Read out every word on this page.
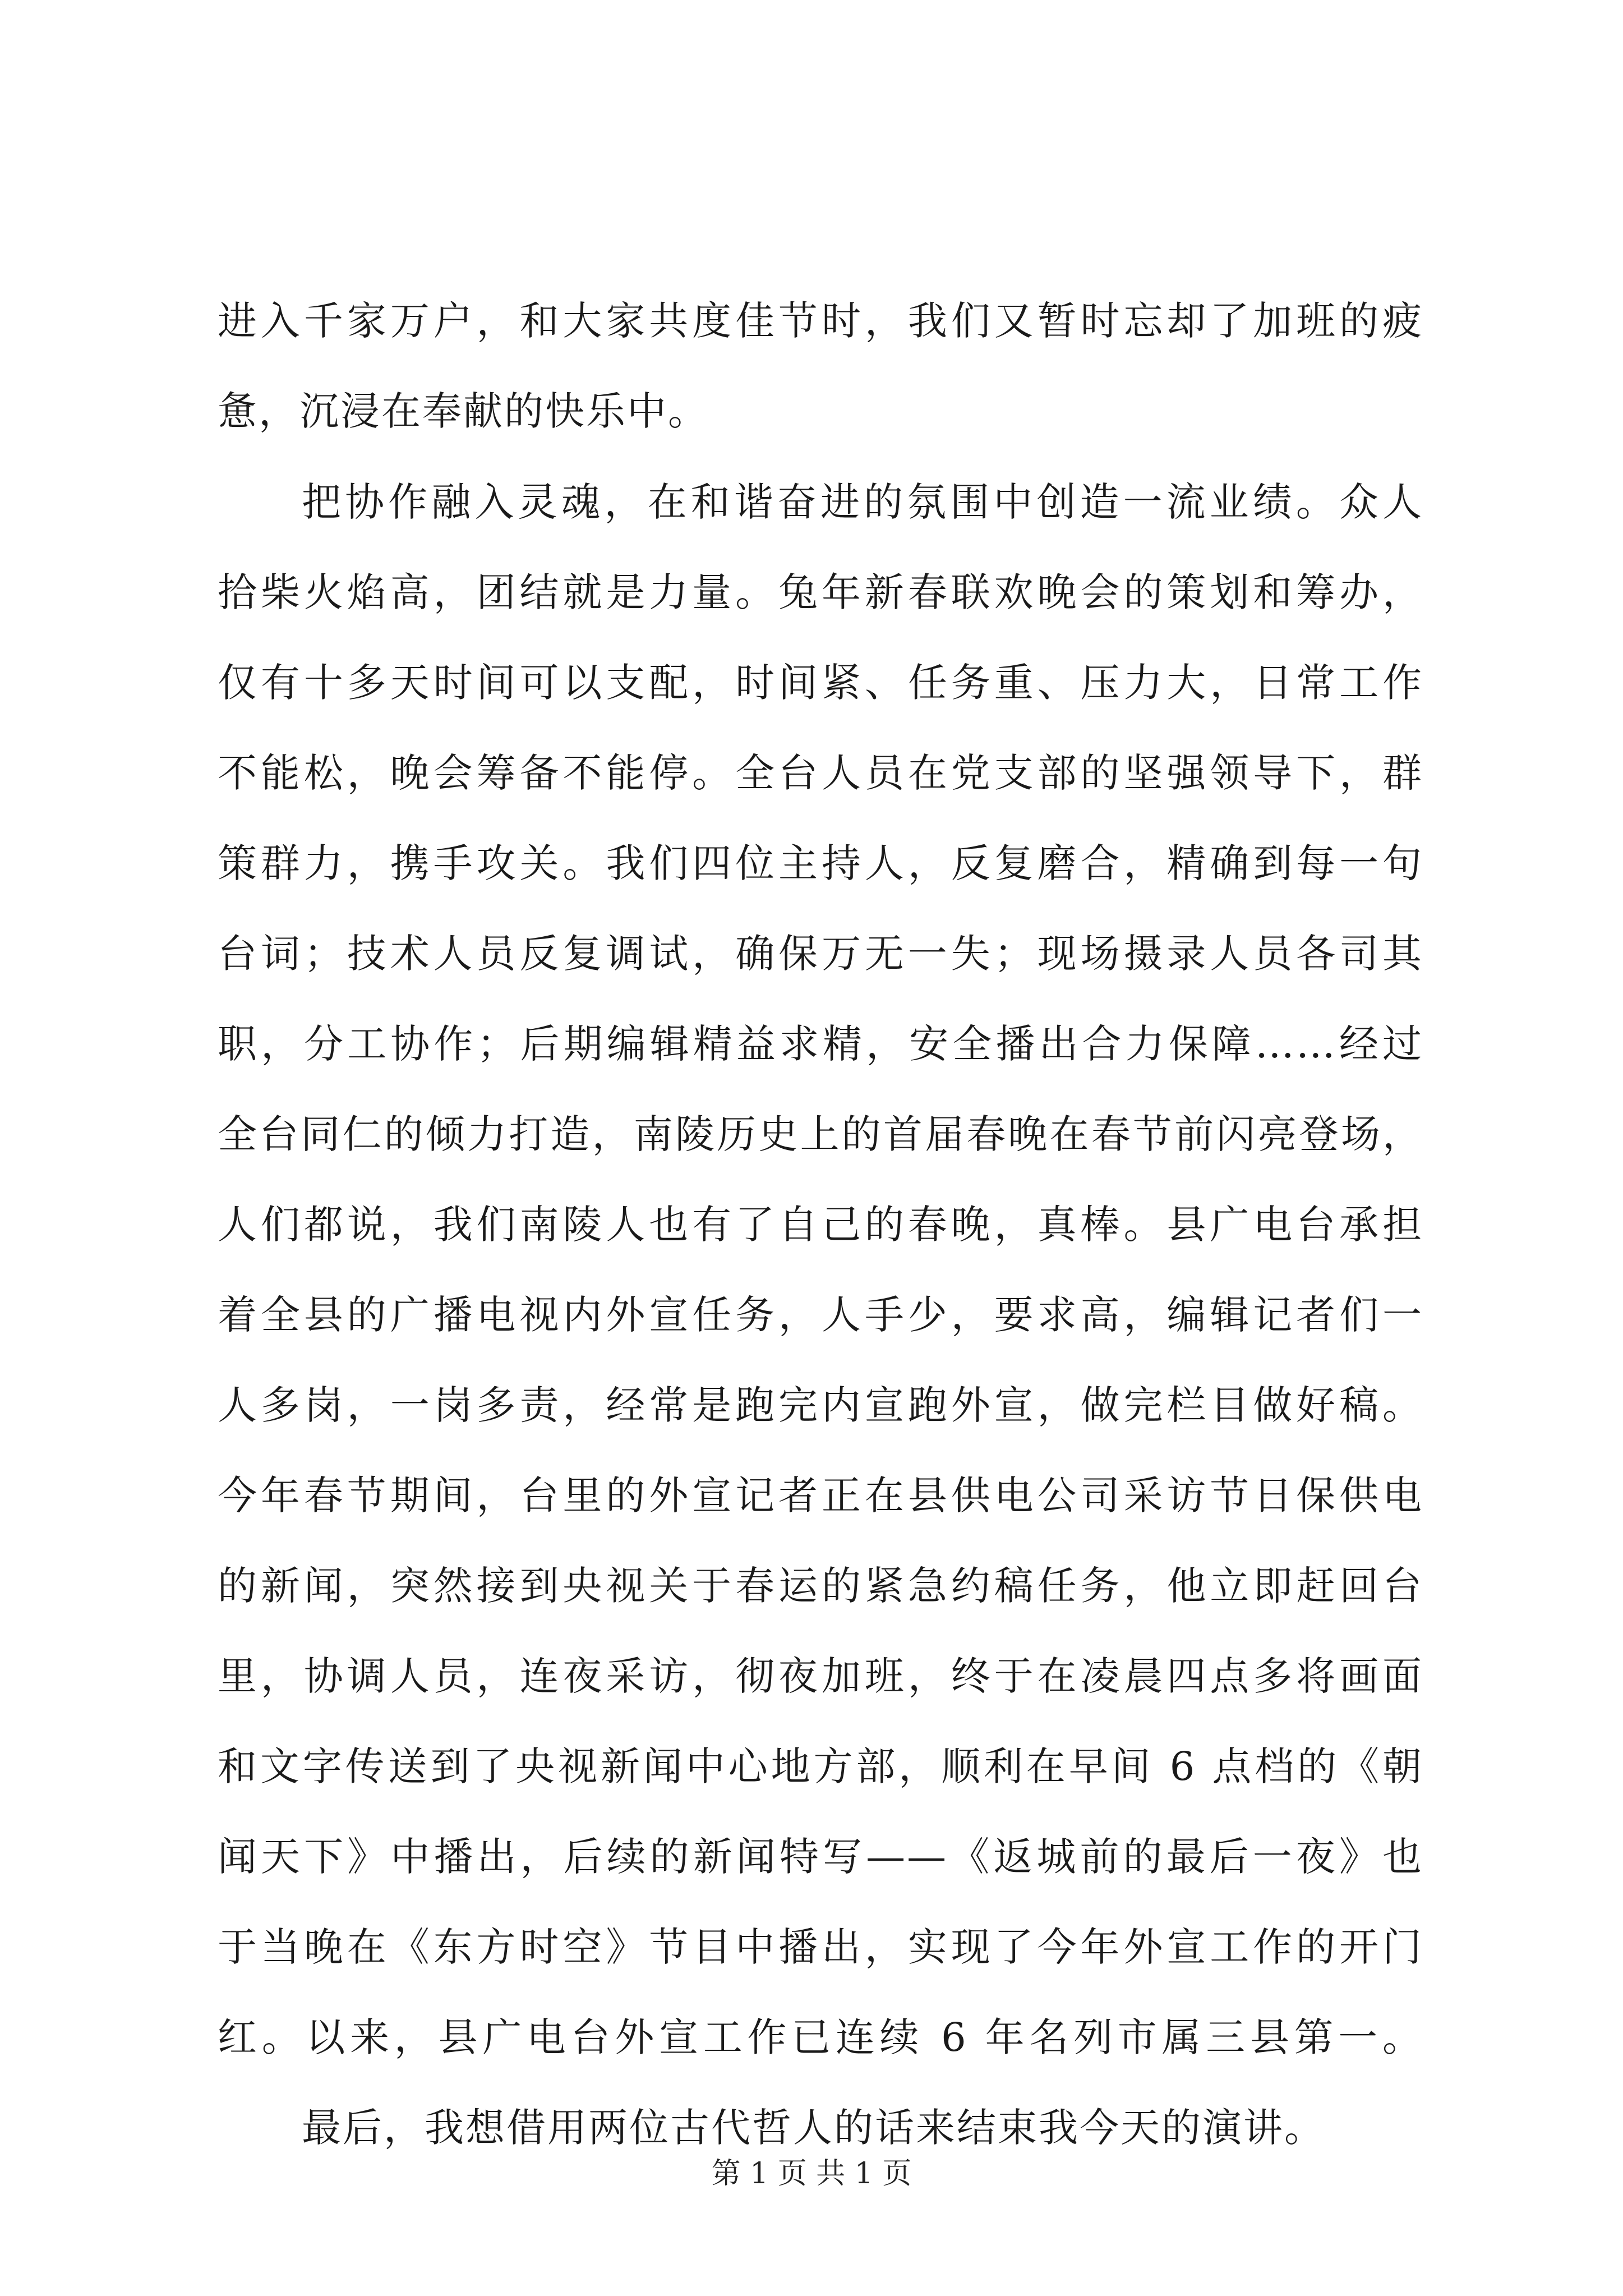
进入千家万户，和大家共度佳节时，我们又暂时忘却了加班的疲
惫，沉浸在奉献的快乐中。
把协作融入灵魂，在和谐奋进的氛围中创造一流业绩。众人
拾柴火焰高，团结就是力量。兔年新春联欢晚会的策划和筹办，
仅有十多天时间可以支配，时间紧、任务重、压力大，日常工作
不能松，晚会筹备不能停。全台人员在党支部的坚强领导下，群
策群力，携手攻关。我们四位主持人，反复磨合，精确到每一句
台词；技术人员反复调试，确保万无一失；现场摄录人员各司其
职，分工协作；后期编辑精益求精，安全播出合力保障……经过
全台同仁的倾力打造，南陵历史上的首届春晚在春节前闪亮登场，
人们都说，我们南陵人也有了自己的春晚，真棒。县广电台承担
着全县的广播电视内外宣任务，人手少，要求高，编辑记者们一
人多岗，一岗多责，经常是跑完内宣跑外宣，做完栏目做好稿。
今年春节期间，台里的外宣记者正在县供电公司采访节日保供电
的新闻，突然接到央视关于春运的紧急约稿任务，他立即赶回台
里，协调人员，连夜采访，彻夜加班，终于在凌晨四点多将画面
和文字传送到了央视新闻中心地方部，顺利在早间 6 点档的《朝
闻天下》中播出，后续的新闻特写——《返城前的最后一夜》也
于当晚在《东方时空》节目中播出，实现了今年外宣工作的开门
红。以来，县广电台外宣工作已连续 6 年名列市属三县第一。
最后，我想借用两位古代哲人的话来结束我今天的演讲。
第 1 页 共 1 页
